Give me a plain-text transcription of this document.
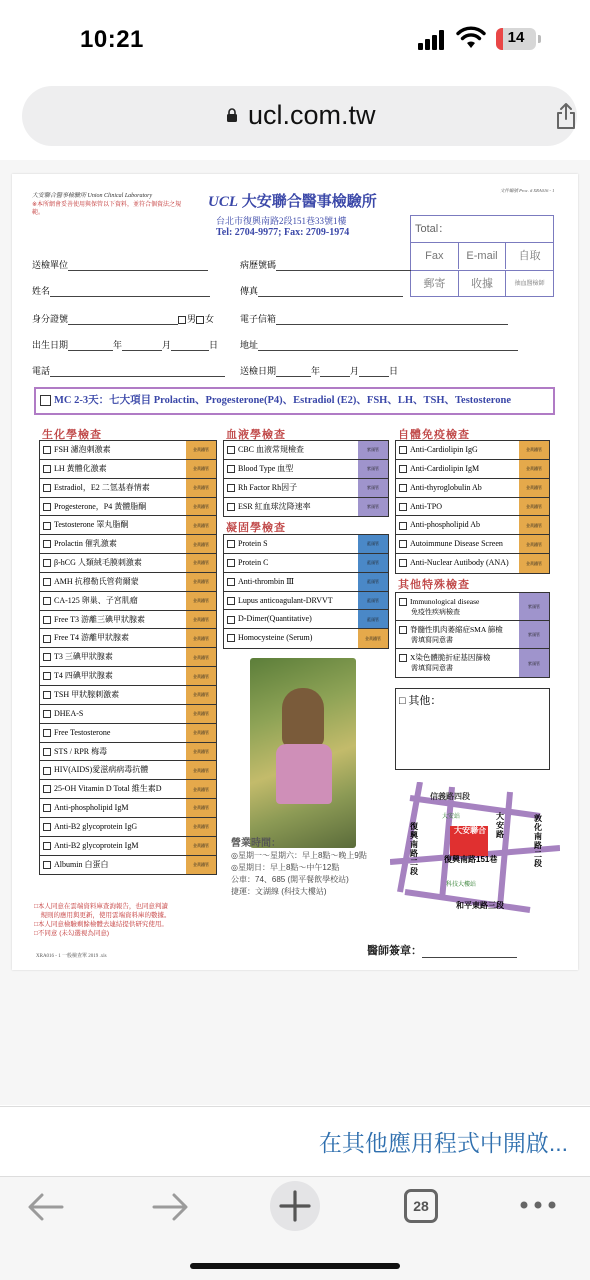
10:21	14
ucl.com.tw
大安聯合醫事檢驗所 Union Clinical Laboratory
※本所網會妥善使用與保管以下資料，並符合個資法之規範。
文件編號 Proc. # XRA016 - 1
UCL 大安聯合醫事檢驗所
台北市復興南路2段151巷33號1樓
Tel: 2704-9977; Fax: 2709-1974	Total：
Fax	E-mail	自取
郵寄	收據	抽血醫檢師
送檢單位	病歷號碼
姓名	傳真
身分證號	男 女	電子信箱
出生日期	年	月	日 地址
電話	送檢日期	年	月	日
MC 2-3天：七大項目 Prolactin、Progesterone(P4)、Estradiol (E2)、FSH、LH、TSH、Testosterone
生化學檢查	血液學檢查
凝固學檢查
自體免疫檢查
其他特殊檢查
FSH 濾泡刺激素	金黃鐵管
LH 黃體化激素	金黃鐵管
Estradiol，E2 二氫基春情素	金黃鐵管
Progesterone，P4 黃體脂酮	金黃鐵管
Testosterone 睪丸脂酮	金黃鐵管
Prolactin 催乳激素	金黃鐵管
β-hCG 人類絨毛膜刺激素	金黃鐵管
AMH 抗穆勒氏管荷爾蒙	金黃鐵管
CA-125 卵巢、子宮肌瘤	金黃鐵管
Free T3 游離三碘甲狀腺素	金黃鐵管
Free T4 游離甲狀腺素	金黃鐵管
T3 三碘甲狀腺素	金黃鐵管
T4 四碘甲狀腺素	金黃鐵管
TSH 甲狀腺刺激素	金黃鐵管
DHEA-S	金黃鐵管
Free Testosterone	金黃鐵管
STS / RPR 梅毒	金黃鐵管
HIV(AIDS)愛滋病病毒抗體	金黃鐵管
25-OH Vitamin D Total 維生素D	金黃鐵管
Anti-phospholipid IgM	金黃鐵管
Anti-B2 glycoprotein IgG	金黃鐵管
Anti-B2 glycoprotein IgM	金黃鐵管
Albumin 白蛋白	金黃鐵管
CBC 血液常規檢查	紫頭管
Blood Type 血型	紫頭管
Rh Factor Rh因子	紫頭管
ESR 紅血球沈降速率	紫頭管
Protein S	藍頭管
Protein C	藍頭管
Anti-thrombin Ⅲ	藍頭管
Lupus anticoagulant-DRVVT	藍頭管
D-Dimer(Quantitative)	藍頭管
Homocysteine (Serum)	金黃鐵管
Anti-Cardiolipin IgG	金黃鐵管
Anti-Cardiolipin IgM	金黃鐵管
Anti-thyroglobulin Ab	金黃鐵管
Anti-TPO	金黃鐵管
Anti-phospholipid Ab	金黃鐵管
Autoimmune Disease Screen	金黃鐵管
Anti-Nuclear Autibody (ANA)	金黃鐵管
Immunological disease
免疫性疾病檢查
紫頭管
脊髓性肌肉萎縮症SMA 篩檢
需填寫同意書
紫頭管
X染色體脆折症基因篩檢
需填寫同意書
紫頭管
□ 其他：
信義路四段
大安站
大安聯合
大安路
復興南路二段
敦化南路二段
復興南路151巷
科技大樓站
和平東路三段
營業時間：
◎星期一～星期六：早上8點～晚上9點
◎星期日：早上8點～中午12點
公車：74、685 (開平餐飲學校站)
捷運：文湖線 (科技大樓站)
醫師簽章：
□本人同意在雲端資料庫查詢報告，也同意判讀
　規則的應用與更新，使用雲端資料庫的數據。
□本人同意檢驗剩餘檢體去連結提供研究使用。
□不同意 (未勾選視為同意)
XRA016 - 1 一般檢查單 2019 .xls
在其他應用程式中開啟...
28
